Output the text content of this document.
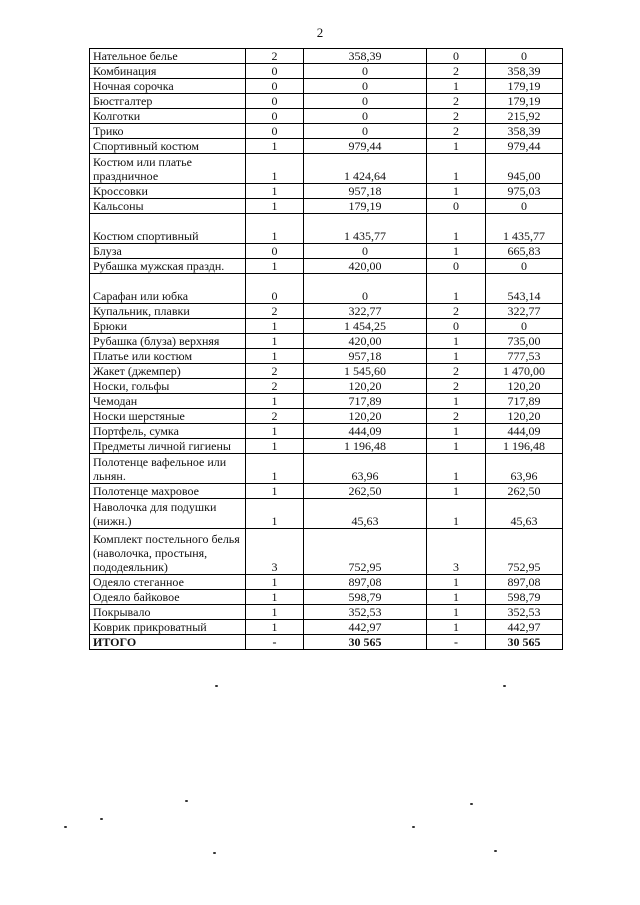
2
Нательное белье	2	358,39	0	0
Комбинация	0	0	2	358,39
Ночная сорочка	0	0	1	179,19
Бюстгалтер	0	0	2	179,19
Колготки	0	0	2	215,92
Трико	0	0	2	358,39
Спортивный костюм	1	979,44	1	979,44
Костюм или платье праздничное	1	1 424,64	1	945,00
Кроссовки	1	957,18	1	975,03
Кальсоны	1	179,19	0	0
Костюм спортивный	1	1 435,77	1	1 435,77
Блуза	0	0	1	665,83
Рубашка мужская праздн.	1	420,00	0	0
Сарафан или юбка	0	0	1	543,14
Купальник, плавки	2	322,77	2	322,77
Брюки	1	1 454,25	0	0
Рубашка (блуза) верхняя	1	420,00	1	735,00
Платье или костюм	1	957,18	1	777,53
Жакет (джемпер)	2	1 545,60	2	1 470,00
Носки, гольфы	2	120,20	2	120,20
Чемодан	1	717,89	1	717,89
Носки шерстяные	2	120,20	2	120,20
Портфель, сумка	1	444,09	1	444,09
Предметы личной гигиены	1	1 196,48	1	1 196,48
Полотенце вафельное или льнян.	1	63,96	1	63,96
Полотенце махровое	1	262,50	1	262,50
Наволочка для подушки (нижн.)	1	45,63	1	45,63
Комплект постельного белья (наволочка, простыня, пододеяльник)	3	752,95	3	752,95
Одеяло стеганное	1	897,08	1	897,08
Одеяло байковое	1	598,79	1	598,79
Покрывало	1	352,53	1	352,53
Коврик прикроватный	1	442,97	1	442,97
ИТОГО	-	30 565	-	30 565
